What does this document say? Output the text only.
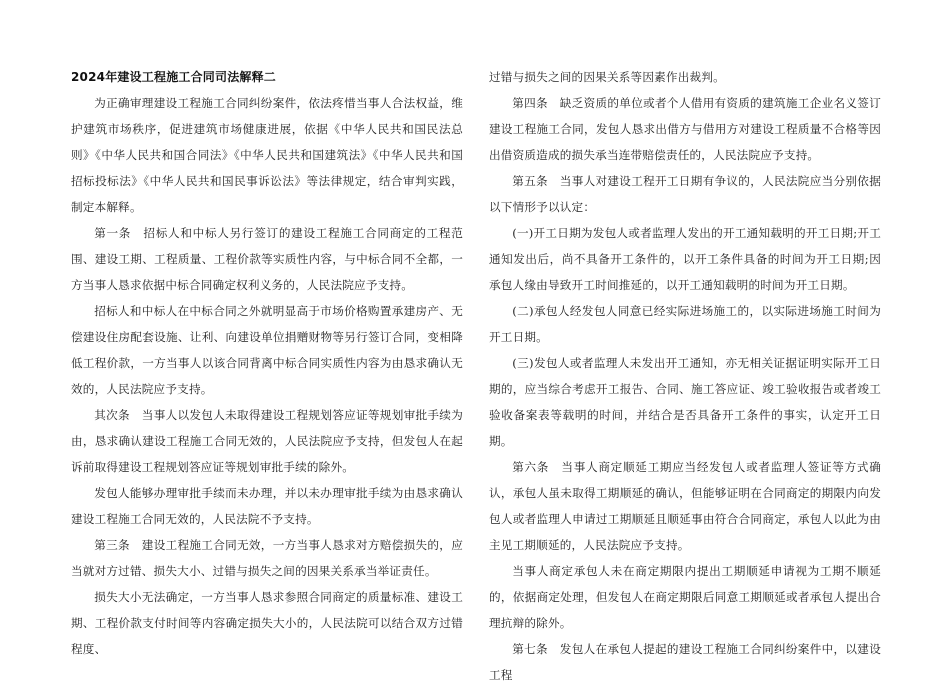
2024年建设工程施工合同司法解释二

为正确审理建设工程施工合同纠纷案件，依法疼惜当事人合法权益，维护建筑市场秩序，促进建筑市场健康进展，依据《中华人民共和国民法总则》《中华人民共和国合同法》《中华人民共和国建筑法》《中华人民共和国招标投标法》《中华人民共和国民事诉讼法》等法律规定，结合审判实践，制定本解释。

第一条　招标人和中标人另行签订的建设工程施工合同商定的工程范围、建设工期、工程质量、工程价款等实质性内容，与中标合同不全都，一方当事人恳求依据中标合同确定权利义务的，人民法院应予支持。

招标人和中标人在中标合同之外就明显高于市场价格购置承建房产、无偿建设住房配套设施、让利、向建设单位捐赠财物等另行签订合同，变相降低工程价款，一方当事人以该合同背离中标合同实质性内容为由恳求确认无效的，人民法院应予支持。

其次条　当事人以发包人未取得建设工程规划答应证等规划审批手续为由，恳求确认建设工程施工合同无效的，人民法院应予支持，但发包人在起诉前取得建设工程规划答应证等规划审批手续的除外。

发包人能够办理审批手续而未办理，并以未办理审批手续为由恳求确认建设工程施工合同无效的，人民法院不予支持。

第三条　建设工程施工合同无效，一方当事人恳求对方赔偿损失的，应当就对方过错、损失大小、过错与损失之间的因果关系承当举证责任。

损失大小无法确定，一方当事人恳求参照合同商定的质量标准、建设工期、工程价款支付时间等内容确定损失大小的，人民法院可以结合双方过错程度、

过错与损失之间的因果关系等因素作出裁判。

第四条　缺乏资质的单位或者个人借用有资质的建筑施工企业名义签订建设工程施工合同，发包人恳求出借方与借用方对建设工程质量不合格等因出借资质造成的损失承当连带赔偿责任的，人民法院应予支持。

第五条　当事人对建设工程开工日期有争议的，人民法院应当分别依据以下情形予以认定：

(一)开工日期为发包人或者监理人发出的开工通知载明的开工日期;开工通知发出后，尚不具备开工条件的，以开工条件具备的时间为开工日期;因承包人缘由导致开工时间推延的，以开工通知载明的时间为开工日期。

(二)承包人经发包人同意已经实际进场施工的，以实际进场施工时间为开工日期。

(三)发包人或者监理人未发出开工通知，亦无相关证据证明实际开工日期的，应当综合考虑开工报告、合同、施工答应证、竣工验收报告或者竣工验收备案表等载明的时间，并结合是否具备开工条件的事实，认定开工日期。

第六条　当事人商定顺延工期应当经发包人或者监理人签证等方式确认，承包人虽未取得工期顺延的确认，但能够证明在合同商定的期限内向发包人或者监理人申请过工期顺延且顺延事由符合合同商定，承包人以此为由主见工期顺延的，人民法院应予支持。

当事人商定承包人未在商定期限内提出工期顺延申请视为工期不顺延的，依据商定处理，但发包人在商定期限后同意工期顺延或者承包人提出合理抗辩的除外。

第七条　发包人在承包人提起的建设工程施工合同纠纷案件中，以建设工程
